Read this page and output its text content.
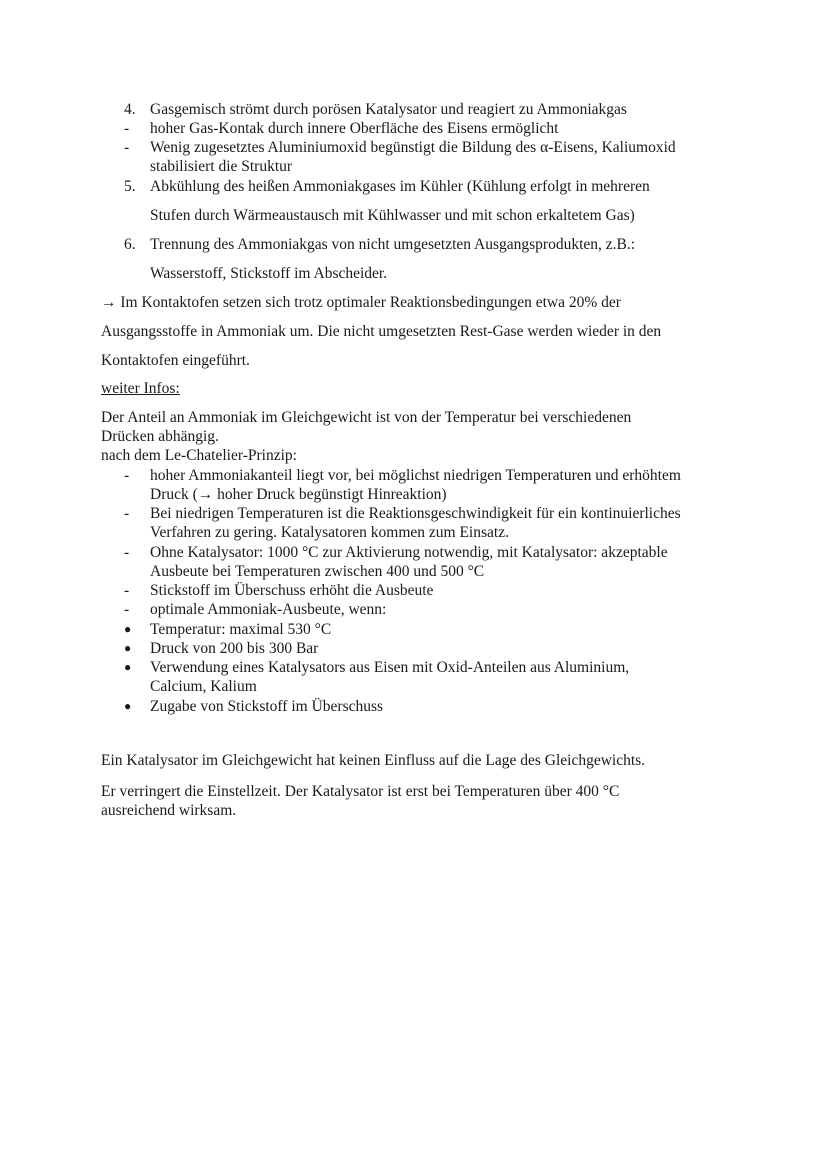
4. Gasgemisch strömt durch porösen Katalysator und reagiert zu Ammoniakgas
- hoher Gas-Kontak durch innere Oberfläche des Eisens ermöglicht
- Wenig zugesetztes Aluminiumoxid begünstigt die Bildung des α-Eisens, Kaliumoxid
stabilisiert die Struktur
5. Abkühlung des heißen Ammoniakgases im Kühler (Kühlung erfolgt in mehreren
Stufen durch Wärmeaustausch mit Kühlwasser und mit schon erkaltetem Gas)
6. Trennung des Ammoniakgas von nicht umgesetzten Ausgangsprodukten, z.B.:
Wasserstoff, Stickstoff im Abscheider.
→ Im Kontaktofen setzen sich trotz optimaler Reaktionsbedingungen etwa 20% der
Ausgangsstoffe in Ammoniak um. Die nicht umgesetzten Rest-Gase werden wieder in den
Kontaktofen eingeführt.
weiter Infos:
Der Anteil an Ammoniak im Gleichgewicht ist von der Temperatur bei verschiedenen
Drücken abhängig.
nach dem Le-Chatelier-Prinzip:
- hoher Ammoniakanteil liegt vor, bei möglichst niedrigen Temperaturen und erhöhtem
Druck (→ hoher Druck begünstigt Hinreaktion)
- Bei niedrigen Temperaturen ist die Reaktionsgeschwindigkeit für ein kontinuierliches
Verfahren zu gering. Katalysatoren kommen zum Einsatz.
- Ohne Katalysator: 1000 °C zur Aktivierung notwendig, mit Katalysator: akzeptable
Ausbeute bei Temperaturen zwischen 400 und 500 °C
- Stickstoff im Überschuss erhöht die Ausbeute
- optimale Ammoniak-Ausbeute, wenn:
● Temperatur: maximal 530 °C
● Druck von 200 bis 300 Bar
● Verwendung eines Katalysators aus Eisen mit Oxid-Anteilen aus Aluminium,
Calcium, Kalium
● Zugabe von Stickstoff im Überschuss
Ein Katalysator im Gleichgewicht hat keinen Einfluss auf die Lage des Gleichgewichts.
Er verringert die Einstellzeit. Der Katalysator ist erst bei Temperaturen über 400 °C
ausreichend wirksam.
